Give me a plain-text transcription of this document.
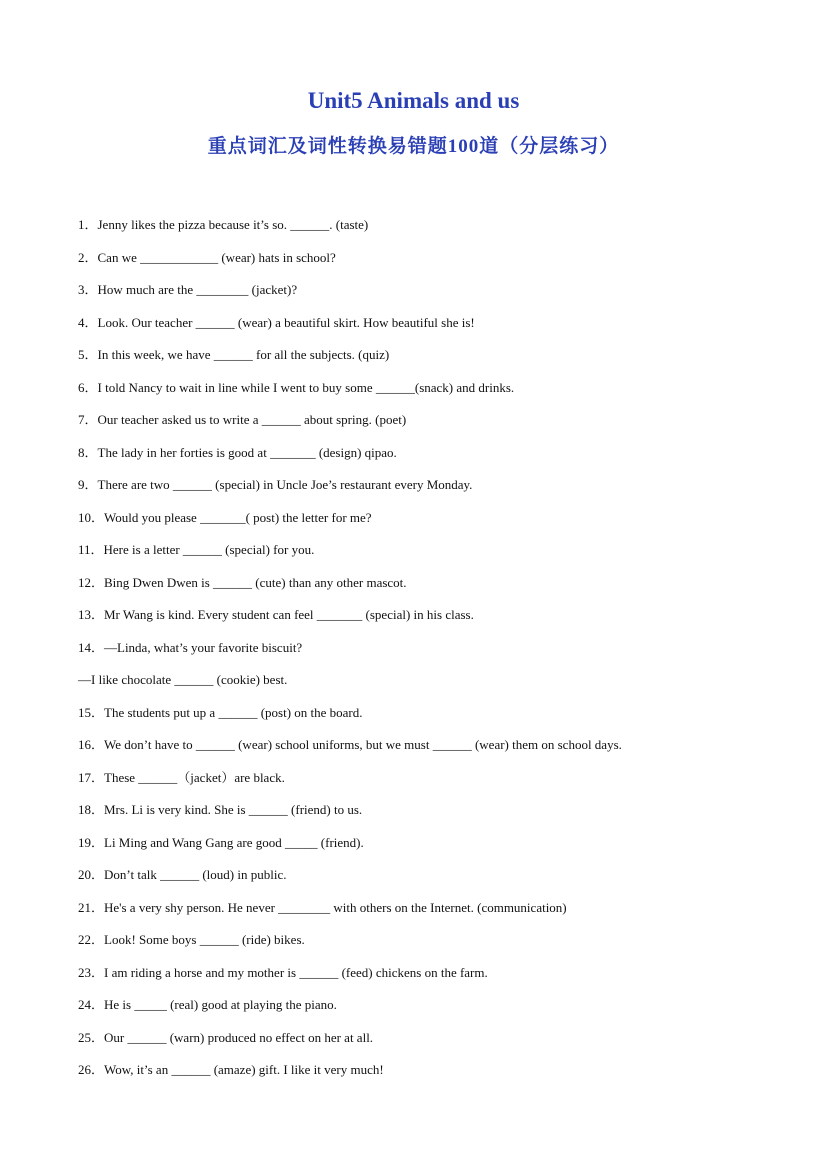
Unit5 Animals and us
重点词汇及词性转换易错题100道（分层练习）
1．Jenny likes the pizza because it’s so. ______. (taste)
2．Can we ____________ (wear) hats in school?
3．How much are the ________ (jacket)?
4．Look. Our teacher ______ (wear) a beautiful skirt. How beautiful she is!
5．In this week, we have ______ for all the subjects. (quiz)
6．I told Nancy to wait in line while I went to buy some ______(snack) and drinks.
7．Our teacher asked us to write a ______ about spring. (poet)
8．The lady in her forties is good at _______ (design) qipao.
9．There are two ______ (special) in Uncle Joe’s restaurant every Monday.
10．Would you please _______( post) the letter for me?
11．Here is a letter ______ (special) for you.
12．Bing Dwen Dwen is ______ (cute) than any other mascot.
13．Mr Wang is kind. Every student can feel _______ (special) in his class.
14．—Linda, what’s your favorite biscuit?
—I like chocolate ______ (cookie) best.
15．The students put up a ______ (post) on the board.
16．We don’t have to ______ (wear) school uniforms, but we must ______ (wear) them on school days.
17．These ______（jacket）are black.
18．Mrs. Li is very kind. She is ______ (friend) to us.
19．Li Ming and Wang Gang are good _____ (friend).
20．Don’t talk ______ (loud) in public.
21．He's a very shy person. He never ________ with others on the Internet. (communication)
22．Look! Some boys ______ (ride) bikes.
23．I am riding a horse and my mother is ______ (feed) chickens on the farm.
24．He is _____ (real) good at playing the piano.
25．Our ______ (warn) produced no effect on her at all.
26．Wow, it’s an ______ (amaze) gift. I like it very much!
